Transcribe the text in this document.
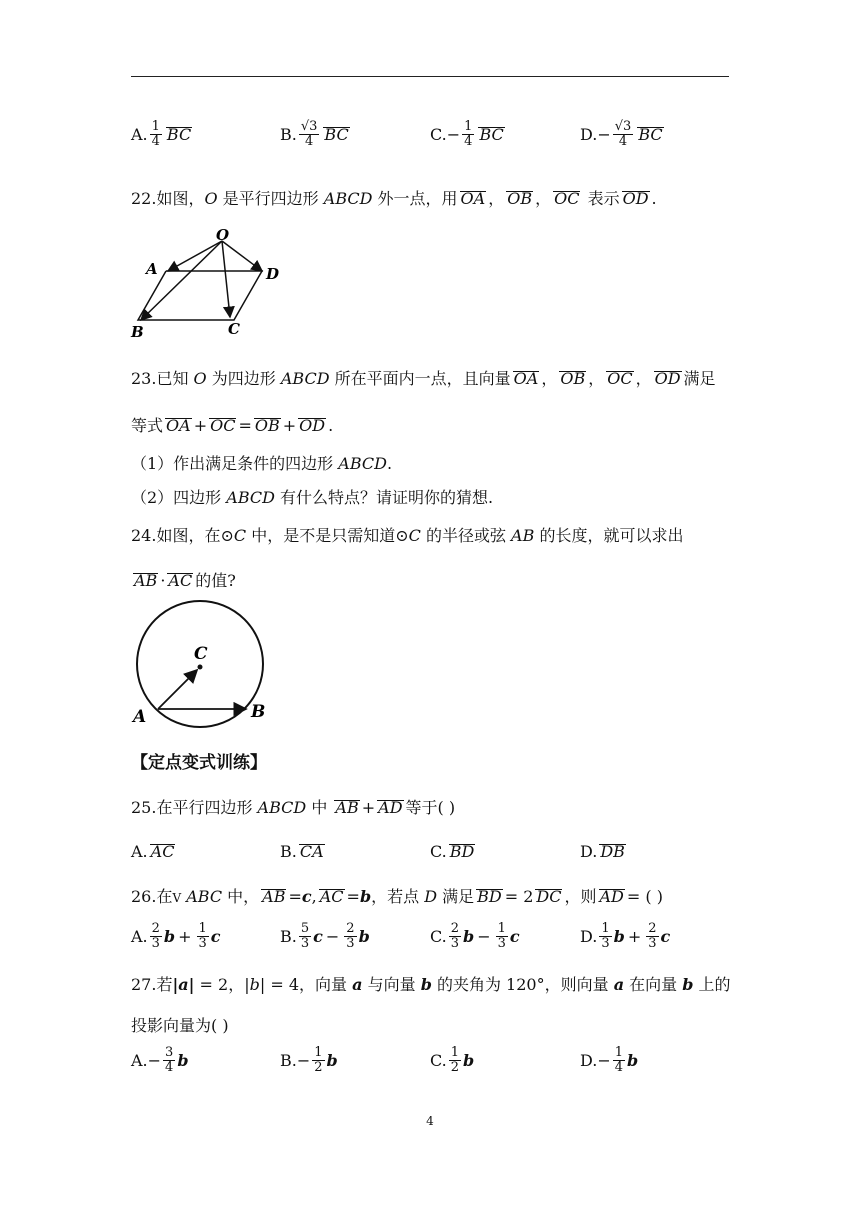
A. $\frac{1}{4}$ BC	B. $\frac{√3}{4}$ BC	$C.- \frac{1}{4}$ BC	$D.- \frac{√3}{4}$ BC
22.如图，O 是平行四边形 ABCD 外一点，用 OA ， OB ， OC 表示 OD .
O
A	D
B	C
23.已知 O 为四边形 ABCD 所在平面内一点，且向量 OA ， OB ， OC ， OD 满足
等式 OA + OC = OB + OD .
（1）作出满足条件的四边形 ABCD.
（2）四边形 ABCD 有什么特点？请证明你的猜想.
24.如图，在⊙C 中，是不是只需知道⊙C 的半径或弦 AB 的长度，就可以求出
AB · AC 的值?
C
A	B
【定点变式训练】
25.在平行四边形 ABCD 中 AB + AD 等于( )
A. AC	B. CA	C. BD	D. DB
26.在V ABC 中， AB =c, AC =b，若点 D 满足 BD = 2 DC ，则 AD = ( )
A. $\frac{2}{3}$ $b + \frac{1}{3}$ c	B. $\frac{5}{3}$ $c - \frac{2}{3}$ b	C. $\frac{2}{3}$ $b - \frac{1}{3}$ c	D. $\frac{1}{3}$ $b + \frac{2}{3}$ c
27.若|a| = 2，|b| = 4，向量 a 与向量 b 的夹角为 120°，则向量 a 在向量 b 上的
投影向量为( )
$A.- \frac{3}{4}$ b	$B.- \frac{1}{2}$ b	C. $\frac{1}{2}$ b	$D.- \frac{1}{4}$ b
4
